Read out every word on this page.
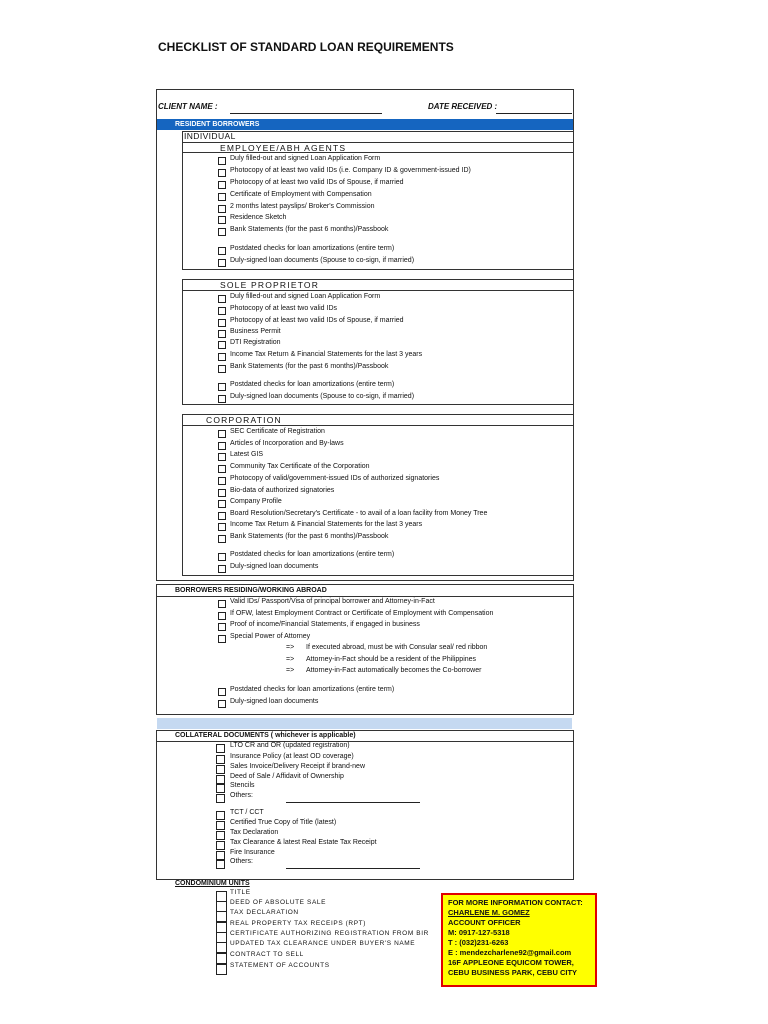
CHECKLIST OF STANDARD LOAN REQUIREMENTS
CLIENT NAME :	DATE RECEIVED :
RESIDENT BORROWERS
INDIVIDUAL
EMPLOYEE/ABH AGENTS
Duly filled-out and signed Loan Application Form
Photocopy of at least two valid IDs (i.e. Company ID & government-issued ID)
Photocopy of at least two valid IDs of Spouse, if married
Certificate of Employment with Compensation
2 months latest payslips/ Broker's Commission
Residence Sketch
Bank Statements (for the past 6 months)/Passbook
Postdated checks for loan amortizations (entire term)
Duly-signed loan documents (Spouse to co-sign, if married)
SOLE PROPRIETOR
Duly filled-out and signed Loan Application Form
Photocopy of at least two valid IDs
Photocopy of at least two valid IDs of Spouse, if married
Business Permit
DTI Registration
Income Tax Return & Financial Statements for the last 3 years
Bank Statements (for the past 6 months)/Passbook
Postdated checks for loan amortizations (entire term)
Duly-signed loan documents (Spouse to co-sign, if married)
CORPORATION
SEC Certificate of Registration
Articles of Incorporation and By-laws
Latest GIS
Community Tax Certificate of the Corporation
Photocopy of valid/government-issued IDs of authorized signatories
Bio-data of authorized signatories
Company Profile
Board Resolution/Secretary's Certificate - to avail of a loan facility from Money Tree
Income Tax Return & Financial Statements for the last 3 years
Bank Statements (for the past 6 months)/Passbook
Postdated checks for loan amortizations (entire term)
Duly-signed loan documents
BORROWERS RESIDING/WORKING ABROAD
Valid IDs/ Passport/Visa of principal borrower and Attorney-in-Fact
If OFW, latest Employment Contract or Certificate of Employment with Compensation
Proof of income/Financial Statements, if engaged in business
Special Power of Attorney
Postdated checks for loan amortizations (entire term)
Duly-signed loan documents
=> If executed abroad, must be with Consular seal/ red ribbon
=> Attorney-in-Fact should be a resident of the Philippines
=> Attorney-in-Fact automatically becomes the Co-borrower
COLLATERAL DOCUMENTS ( whichever is applicable)
LTO CR and OR (updated registration)
Insurance Policy (at least OD coverage)
Sales Invoice/Delivery Receipt if brand-new
Deed of Sale / Affidavit of Ownership
Stencils
Others:
TCT / CCT
Certified True Copy of Title (latest)
Tax Declaration
Tax Clearance & latest Real Estate Tax Receipt
Fire Insurance
Others:
CONDOMINIUM UNITS
TITLE
DEED OF ABSOLUTE SALE
TAX DECLARATION
REAL PROPERTY TAX RECEIPS (RPT)
CERTIFICATE AUTHORIZING REGISTRATION FROM BIR
UPDATED TAX CLEARANCE UNDER BUYER'S NAME
CONTRACT TO SELL
STATEMENT OF ACCOUNTS
FOR MORE INFORMATION CONTACT:
CHARLENE M. GOMEZ
ACCOUNT OFFICER
M: 0917-127-5318
T : (032)231-6263
E : mendezcharlene92@gmail.com
16F APPLEONE EQUICOM TOWER,
CEBU BUSINESS PARK, CEBU CITY
